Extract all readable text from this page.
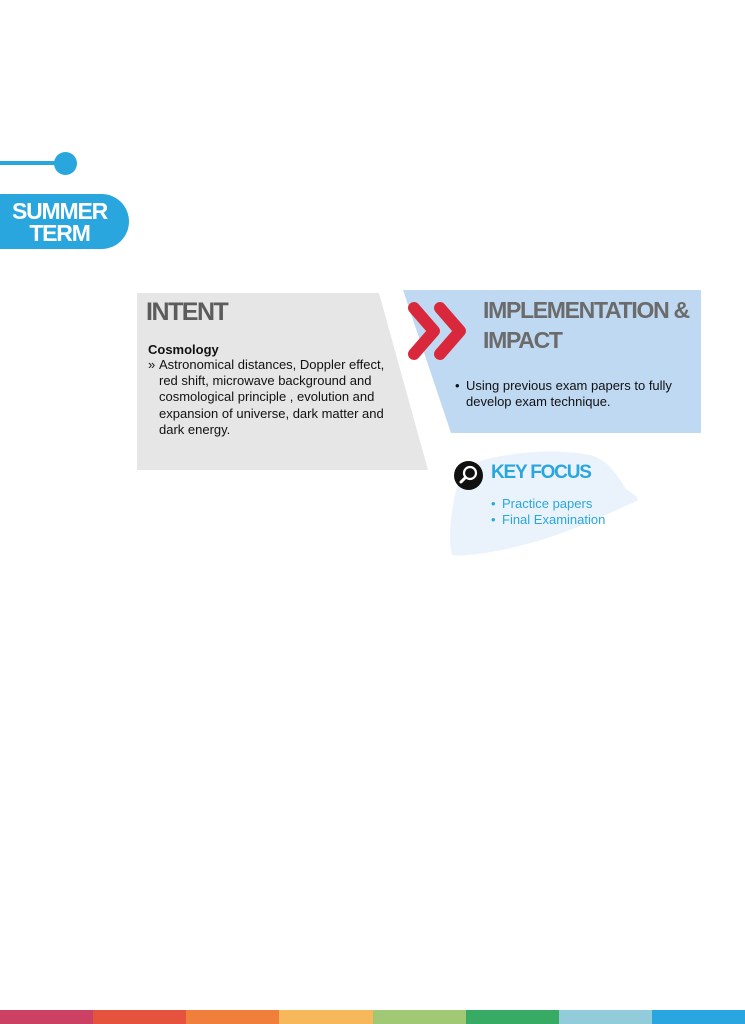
SUMMER
TERM
INTENT
Cosmology
» Astronomical distances, Doppler effect, red shift, microwave background and cosmological principle , evolution and expansion of universe, dark matter and dark energy.
IMPLEMENTATION &
IMPACT
• Using previous exam papers to fully develop exam technique.
KEY FOCUS
• Practice papers
• Final Examination
